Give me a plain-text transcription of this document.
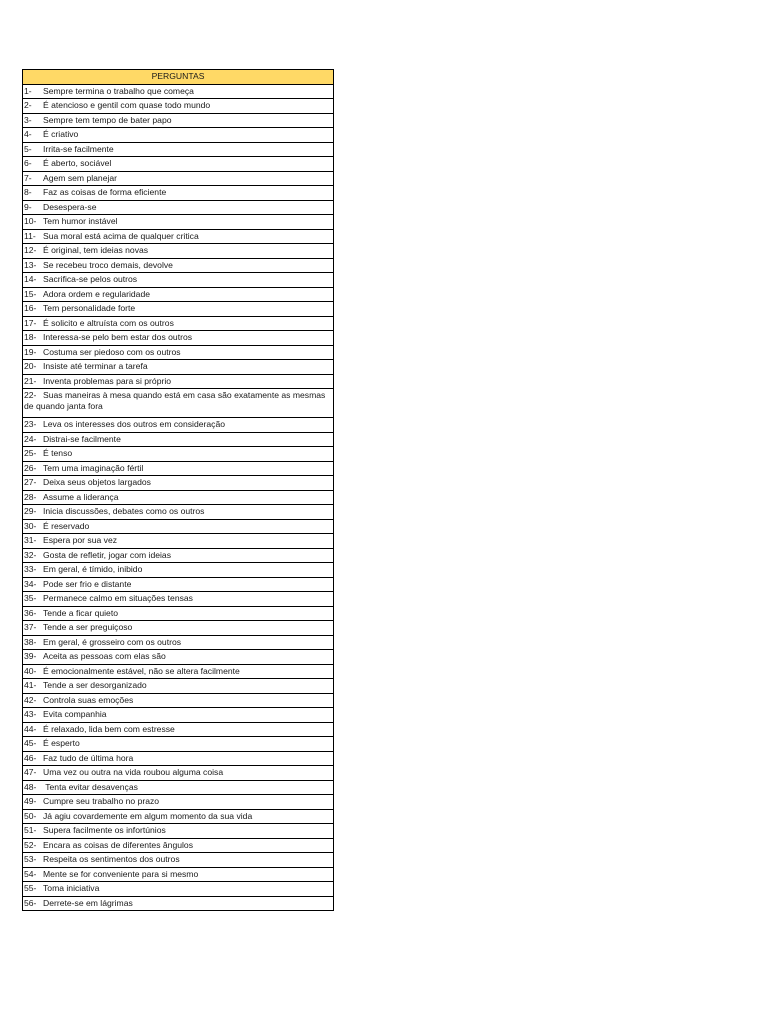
PERGUNTAS
1- Sempre termina o trabalho que começa
2- É atencioso e gentil com quase todo mundo
3- Sempre tem tempo de bater papo
4- É criativo
5- Irrita-se facilmente
6- É aberto, sociável
7- Agem sem planejar
8- Faz as coisas de forma eficiente
9- Desespera-se
10- Tem humor instável
11- Sua moral está acima de qualquer critica
12- É original, tem ideias novas
13- Se recebeu troco demais, devolve
14- Sacrifica-se pelos outros
15- Adora ordem e regularidade
16- Tem personalidade forte
17- É solicito e altruísta com os outros
18- Interessa-se pelo bem estar dos outros
19- Costuma ser piedoso com os outros
20- Insiste até terminar a tarefa
21- Inventa problemas para si próprio
22- Suas maneiras à mesa quando está em casa são exatamente as mesmas de quando janta fora
23- Leva os interesses dos outros em consideração
24- Distrai-se facilmente
25- É tenso
26- Tem uma imaginação fértil
27- Deixa seus objetos largados
28- Assume a liderança
29- Inicia discussões, debates como os outros
30- É reservado
31- Espera por sua vez
32- Gosta de refletir, jogar com ideias
33- Em geral, é tímido, inibido
34- Pode ser frio e distante
35- Permanece calmo em situações tensas
36- Tende a ficar quieto
37- Tende a ser preguiçoso
38- Em geral, é grosseiro com os outros
39- Aceita as pessoas com elas são
40- É emocionalmente estável, não se altera facilmente
41- Tende a ser desorganizado
42- Controla suas emoções
43- Evita companhia
44- É relaxado, lida bem com estresse
45- É esperto
46- Faz tudo de última hora
47- Uma vez ou outra na vida roubou alguma coisa
48- Tenta evitar desavenças
49- Cumpre seu trabalho no prazo
50- Já agiu covardemente em algum momento da sua vida
51- Supera facilmente os infortúnios
52- Encara as coisas de diferentes ângulos
53- Respeita os sentimentos dos outros
54- Mente se for conveniente para si mesmo
55- Toma iniciativa
56- Derrete-se em lágrimas
